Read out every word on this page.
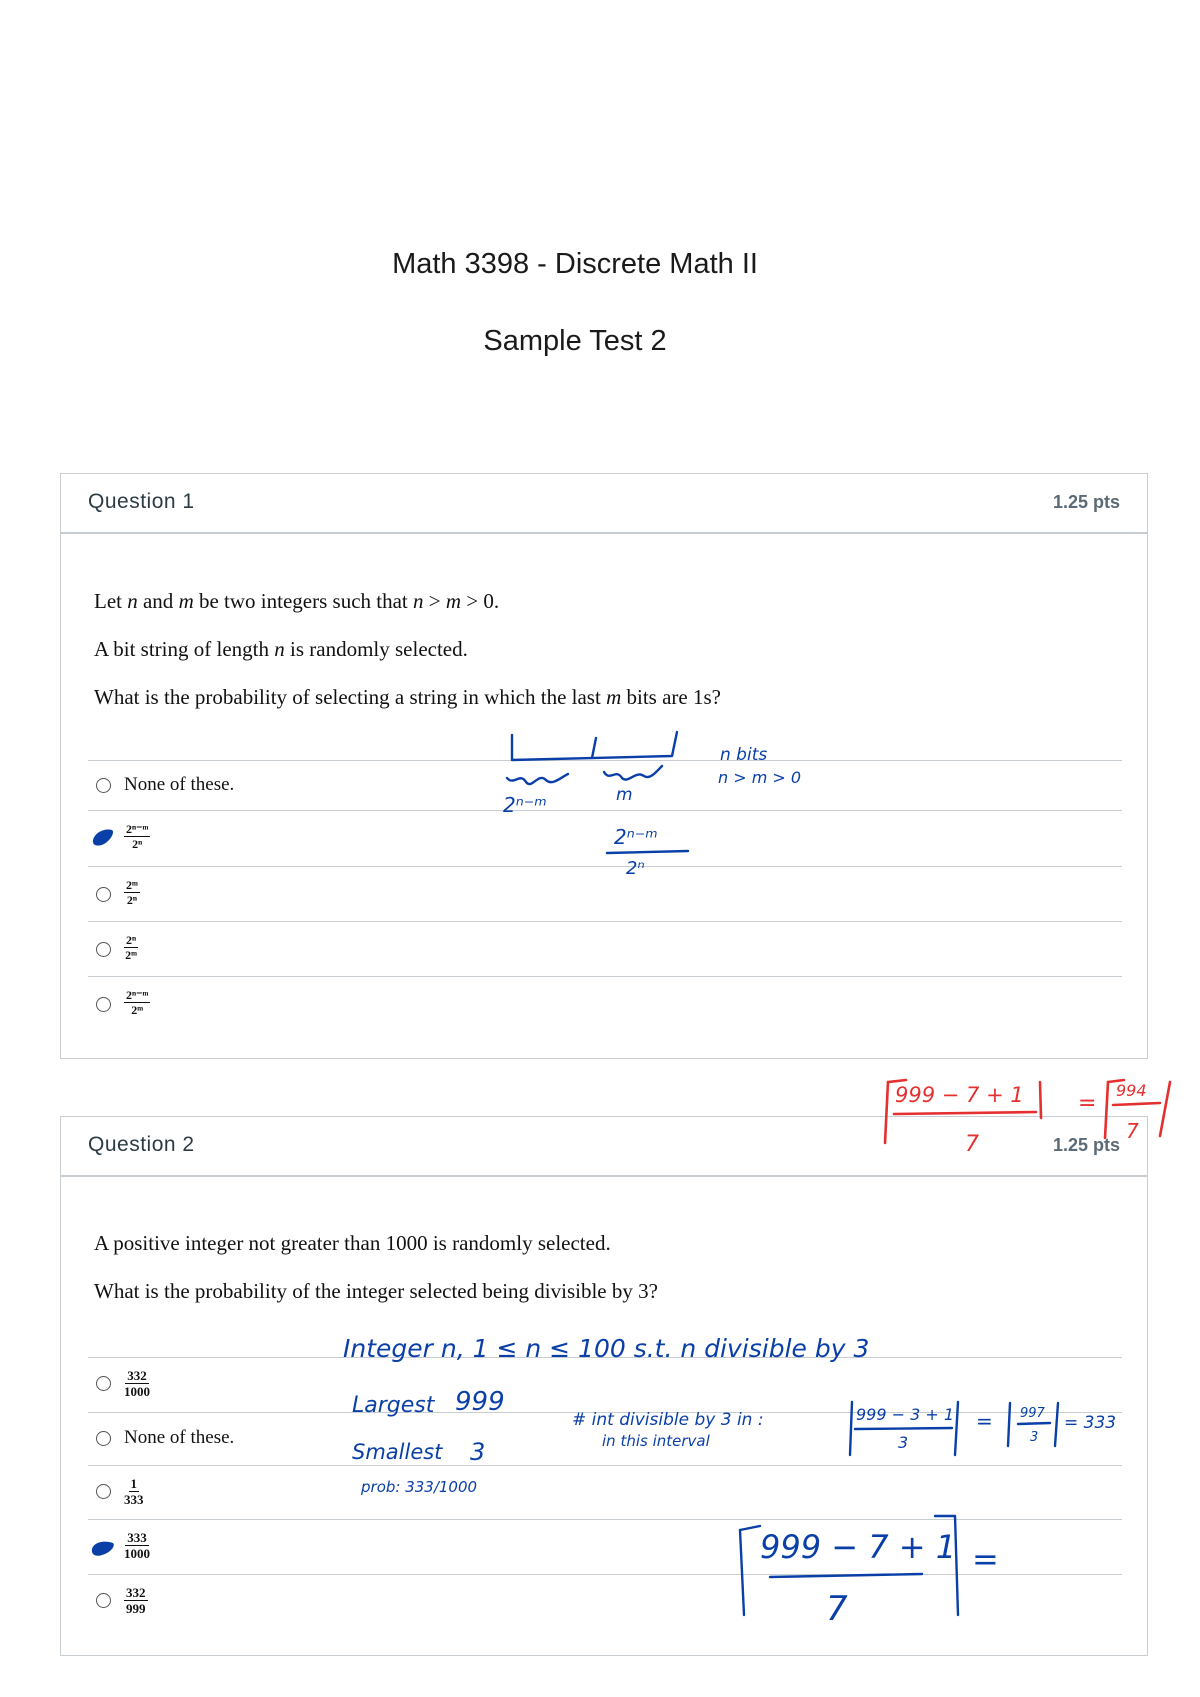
Math 3398 - Discrete Math II
Sample Test 2
Question 1	1.25 pts
Let n and m be two integers such that n > m > 0.
A bit string of length n is randomly selected.
What is the probability of selecting a string in which the last m bits are 1s?
None of these.
$\frac{\text{2ⁿ⁻ᵐ}}{\text{2ⁿ}}$
$\frac{\text{2ᵐ}}{\text{2ⁿ}}$
$\frac{\text{2ⁿ}}{\text{2ᵐ}}$
$\frac{\text{2ⁿ⁻ᵐ}}{\text{2ᵐ}}$
Question 2	1.25 pts
A positive integer not greater than 1000 is randomly selected.
What is the probability of the integer selected being divisible by 3?
$\frac{332}{1000}$
None of these.
$\frac{1}{333}$
$\frac{333}{1000}$
$\frac{332}{999}$
2ⁿ⁻ᵐ	m
n bits
n > m > 0
2ⁿ⁻ᵐ
2ⁿ
999 − 7 + 1
7
=
994
7
Integer n, 1 ≤ n ≤ 100 s.t. n divisible by 3
Largest 999
Smallest 3
prob: 333/1000
# int divisible by 3 in :
in this interval
999 − 3 + 1
3
= 997
3
= 333
999 − 7 + 1
7
=
